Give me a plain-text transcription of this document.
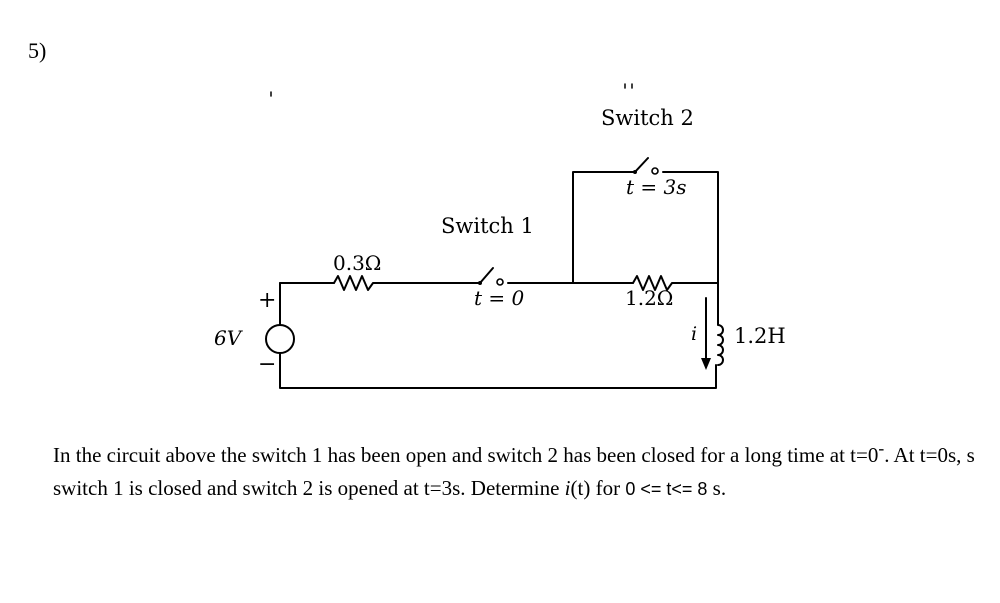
5)
+
−
6V
0.3Ω
Switch 1
t = 0
Switch 2
t = 3s
1.2Ω
i 1.2H
In the circuit above the switch 1 has been open and switch 2 has been closed for a long time at t=0-. At t=0s, s switch 1 is closed and switch 2 is opened at t=3s. Determine i(t) for 0 <= t<= 8 s.
